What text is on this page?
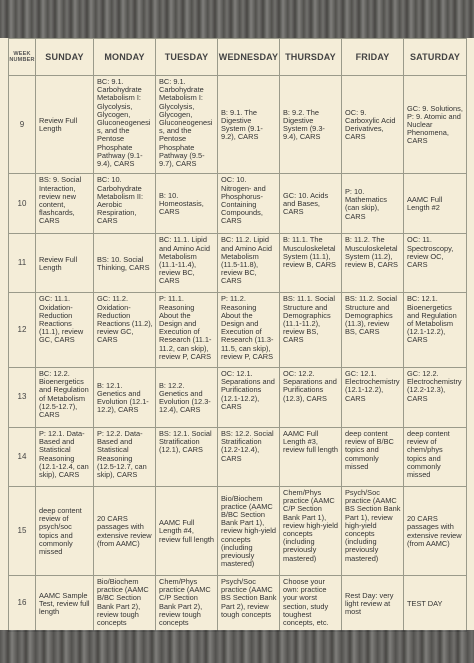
WEEK NUMBER	SUNDAY	MONDAY	TUESDAY	WEDNESDAY	THURSDAY	FRIDAY	SATURDAY
9	Review Full Length	BC: 9.1. Carbohydrate Metabolism I: Glycolysis, Glycogen, Gluconeogenesis, and the Pentose Phosphate Pathway (9.1-9.4), CARS	BC: 9.1. Carbohydrate Metabolism I: Glycolysis, Glycogen, Gluconeogenesis, and the Pentose Phosphate Pathway (9.5-9.7), CARS	B: 9.1. The Digestive System (9.1-9.2), CARS	B: 9.2. The Digestive System (9.3-9.4), CARS	OC: 9. Carboxylic Acid Derivatives, CARS	GC: 9. Solutions, P: 9. Atomic and Nuclear Phenomena, CARS
10	BS: 9. Social Interaction, review new content, flashcards, CARS	BC: 10. Carbohydrate Metabolism II: Aerobic Respiration, CARS	B: 10. Homeostasis, CARS	OC: 10. Nitrogen- and Phosphorus-Containing Compounds, CARS	GC: 10. Acids and Bases, CARS	P: 10. Mathematics (can skip), CARS	AAMC Full Length #2
11	Review Full Length	BS: 10. Social Thinking, CARS	BC: 11.1. Lipid and Amino Acid Metabolism (11.1-11.4), review BC, CARS	BC: 11.2. Lipid and Amino Acid Metabolism (11.5-11.8), review BC, CARS	B: 11.1. The Musculoskeletal System (11.1), review B, CARS	B: 11.2. The Musculoskeletal System (11.2), review B, CARS	OC: 11. Spectroscopy, review OC, CARS
12	GC: 11.1. Oxidation-Reduction Reactions (11.1), review GC, CARS	GC: 11.2. Oxidation-Reduction Reactions (11.2), review GC, CARS	P: 11.1. Reasoning About the Design and Execution of Research (11.1-11.2, can skip), review P, CARS	P: 11.2. Reasoning About the Design and Execution of Research (11.3-11.5, can skip), review P, CARS	BS: 11.1. Social Structure and Demographics (11.1-11.2), review BS, CARS	BS: 11.2. Social Structure and Demographics (11.3), review BS, CARS	BC: 12.1. Bioenergetics and Regulation of Metabolism (12.1-12.2), CARS
13	BC: 12.2. Bioenergetics and Regulation of Metabolism (12.5-12.7), CARS	B: 12.1. Genetics and Evolution (12.1-12.2), CARS	B: 12.2. Genetics and Evolution (12.3-12.4), CARS	OC: 12.1. Separations and Purifications (12.1-12.2), CARS	OC: 12.2. Separations and Purifications (12.3), CARS	GC: 12.1. Electrochemistry (12.1-12.2), CARS	GC: 12.2. Electrochemistry (12.2-12.3), CARS
14	P: 12.1. Data-Based and Statistical Reasoning (12.1-12.4, can skip), CARS	P: 12.2. Data-Based and Statistical Reasoning (12.5-12.7, can skip), CARS	BS: 12.1. Social Stratification (12.1), CARS	BS: 12.2. Social Stratification (12.2-12.4), CARS	AAMC Full Length #3, review full length	deep content review of B/BC topics and commonly missed	deep content review of chem/phys topics and commonly missed
15	deep content review of psych/soc topics and commonly missed	20 CARS passages with extensive review (from AAMC)	AAMC Full Length #4, review full length	Bio/Biochem practice (AAMC B/BC Section Bank Part 1), review high-yield concepts (including previously mastered)	Chem/Phys practice (AAMC C/P Section Bank Part 1), review high-yield concepts (including previously mastered)	Psych/Soc practice (AAMC BS Section Bank Part 1), review high-yield concepts (including previously mastered)	20 CARS passages with extensive review (from AAMC)
16	AAMC Sample Test, review full length	Bio/Biochem practice (AAMC B/BC Section Bank Part 2), review tough concepts	Chem/Phys practice (AAMC C/P Section Bank Part 2), review tough concepts	Psych/Soc practice (AAMC BS Section Bank Part 2), review tough concepts	Choose your own: practice your worst section, study toughest concepts, etc.	Rest Day: very light review at most	TEST DAY
